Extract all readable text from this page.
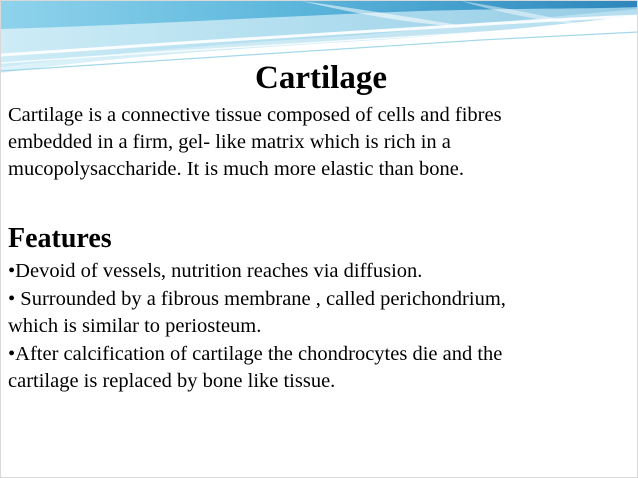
Cartilage

Cartilage is a connective tissue composed of cells and fibres
embedded in a firm, gel- like matrix which is rich in a
mucopolysaccharide. It is much more elastic than bone.

Features
•Devoid of vessels, nutrition reaches via diffusion.
• Surrounded by a fibrous membrane , called perichondrium,
which is similar to periosteum.
•After calcification of cartilage the chondrocytes die and the
cartilage is replaced by bone like tissue.
